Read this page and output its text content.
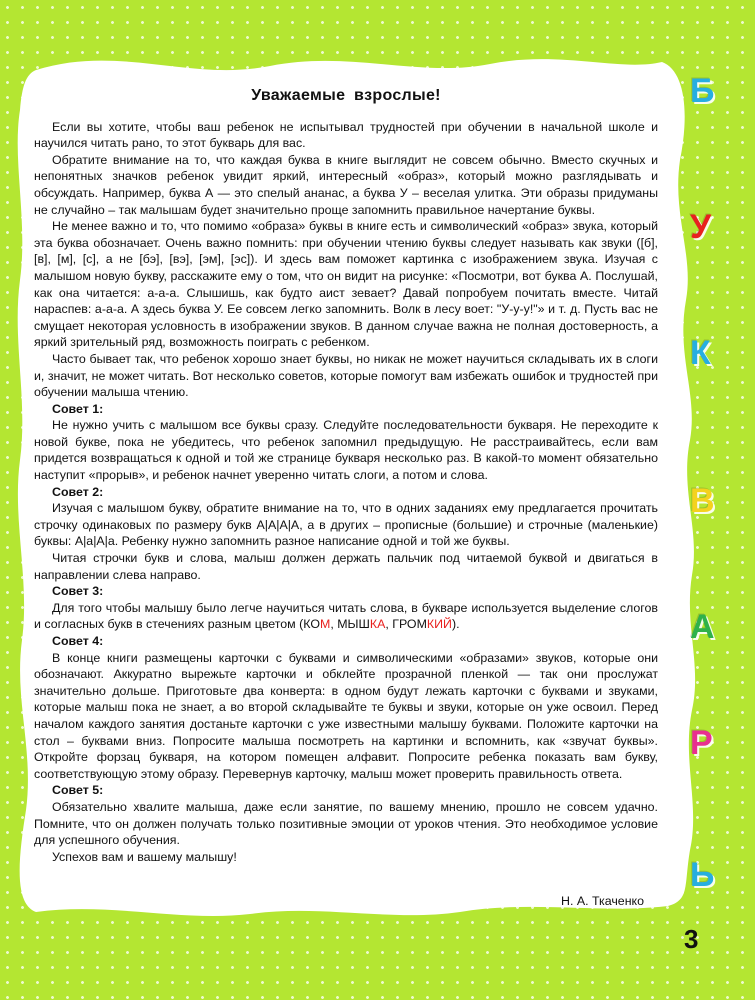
Уважаемые взрослые!

Если вы хотите, чтобы ваш ребенок не испытывал трудностей при обучении в начальной школе и научился читать рано, то этот букварь для вас.

Обратите внимание на то, что каждая буква в книге выглядит не совсем обычно. Вместо скучных и непонятных значков ребенок увидит яркий, интересный «образ», который можно разглядывать и обсуждать. Например, буква А — это спелый ананас, а буква У – веселая улитка. Эти образы придуманы не случайно – так малышам будет значительно проще запомнить правильное начертание буквы.

Не менее важно и то, что помимо «образа» буквы в книге есть и символический «образ» звука, который эта буква обозначает. Очень важно помнить: при обучении чтению буквы следует называть как звуки ([б], [в], [м], [с], а не [бэ], [вэ], [эм], [эс]). И здесь вам поможет картинка с изображением звука. Изучая с малышом новую букву, расскажите ему о том, что он видит на рисунке: «Посмотри, вот буква А. Послушай, как она читается: а-а-а. Слышишь, как будто аист зевает? Давай попробуем почитать вместе. Читай нараспев: а-а-а. А здесь буква У. Ее совсем легко запомнить. Волк в лесу воет: "У-у-у!"» и т. д. Пусть вас не смущает некоторая условность в изображении звуков. В данном случае важна не полная достоверность, а яркий зрительный ряд, возможность поиграть с ребенком.

Часто бывает так, что ребенок хорошо знает буквы, но никак не может научиться складывать их в слоги и, значит, не может читать. Вот несколько советов, которые помогут вам избежать ошибок и трудностей при обучении малыша чтению.

Совет 1:

Не нужно учить с малышом все буквы сразу. Следуйте последовательности букваря. Не переходите к новой букве, пока не убедитесь, что ребенок запомнил предыдущую. Не расстраивайтесь, если вам придется возвращаться к одной и той же странице букваря несколько раз. В какой-то момент обязательно наступит «прорыв», и ребенок начнет уверенно читать слоги, а потом и слова.

Совет 2:

Изучая с малышом букву, обратите внимание на то, что в одних заданиях ему предлагается прочитать строчку одинаковых по размеру букв А|А|А|А, а в других – прописные (большие) и строчные (маленькие) буквы: А|а|А|а. Ребенку нужно запомнить разное написание одной и той же буквы.

Читая строчки букв и слова, малыш должен держать пальчик под читаемой буквой и двигаться в направлении слева направо.

Совет 3:

Для того чтобы малышу было легче научиться читать слова, в букваре используется выделение слогов и согласных букв в стечениях разным цветом (КОМ, МЫШКА, ГРОМКИЙ).

Совет 4:

В конце книги размещены карточки с буквами и символическими «образами» звуков, которые они обозначают. Аккуратно вырежьте карточки и обклейте прозрачной пленкой — так они прослужат значительно дольше. Приготовьте два конверта: в одном будут лежать карточки с буквами и звуками, которые малыш пока не знает, а во второй складывайте те буквы и звуки, которые он уже освоил. Перед началом каждого занятия достаньте карточки с уже известными малышу буквами. Положите карточки на стол – буквами вниз. Попросите малыша посмотреть на картинки и вспомнить, как «звучат буквы». Откройте форзац букваря, на котором помещен алфавит. Попросите ребенка показать вам букву, соответствующую этому образу. Перевернув карточку, малыш может проверить правильность ответа.

Совет 5:

Обязательно хвалите малыша, даже если занятие, по вашему мнению, прошло не совсем удачно. Помните, что он должен получать только позитивные эмоции от уроков чтения. Это необходимое условие для успешного обучения.

Успехов вам и вашему малышу!

Н. А. Ткаченко
Б
У
К
В
А
Р
Ь
3
